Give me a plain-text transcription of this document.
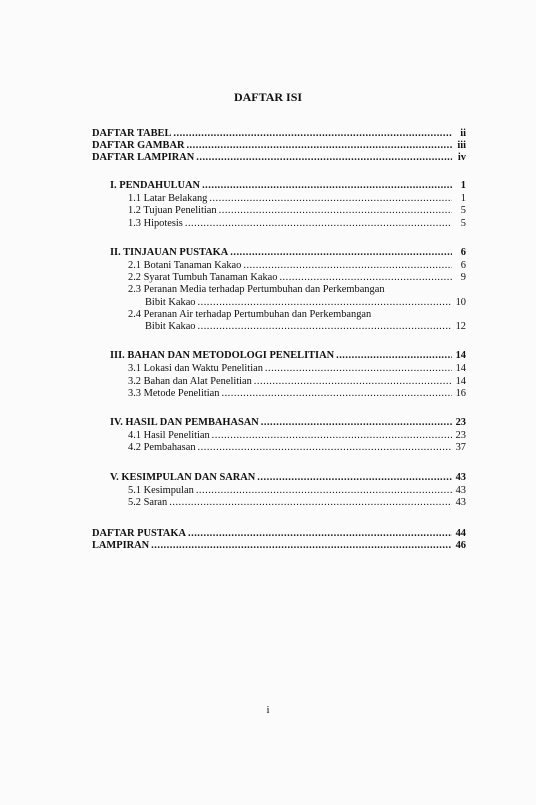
DAFTAR ISI
DAFTAR TABEL .....	ii
DAFTAR GAMBAR .....	iii
DAFTAR LAMPIRAN .....	iv
I. PENDAHULUAN .....	1
1.1 Latar Belakang .....	1
1.2 Tujuan Penelitian .....	5
1.3 Hipotesis .....	5
II. TINJAUAN PUSTAKA .....	6
2.1 Botani Tanaman Kakao .....	6
2.2 Syarat Tumbuh Tanaman Kakao .....	9
2.3 Peranan Media terhadap Pertumbuhan dan Perkembangan
Bibit Kakao .....	10
2.4 Peranan Air terhadap Pertumbuhan dan Perkembangan
Bibit Kakao .....	12
III. BAHAN DAN METODOLOGI PENELITIAN .....	14
3.1 Lokasi dan Waktu Penelitian .....	14
3.2 Bahan dan Alat Penelitian .....	14
3.3 Metode Penelitian .....	16
IV. HASIL DAN PEMBAHASAN .....	23
4.1 Hasil Penelitian .....	23
4.2 Pembahasan .....	37
V. KESIMPULAN DAN SARAN .....	43
5.1 Kesimpulan .....	43
5.2 Saran .....	43
DAFTAR PUSTAKA .....	44
LAMPIRAN .....	46
i
